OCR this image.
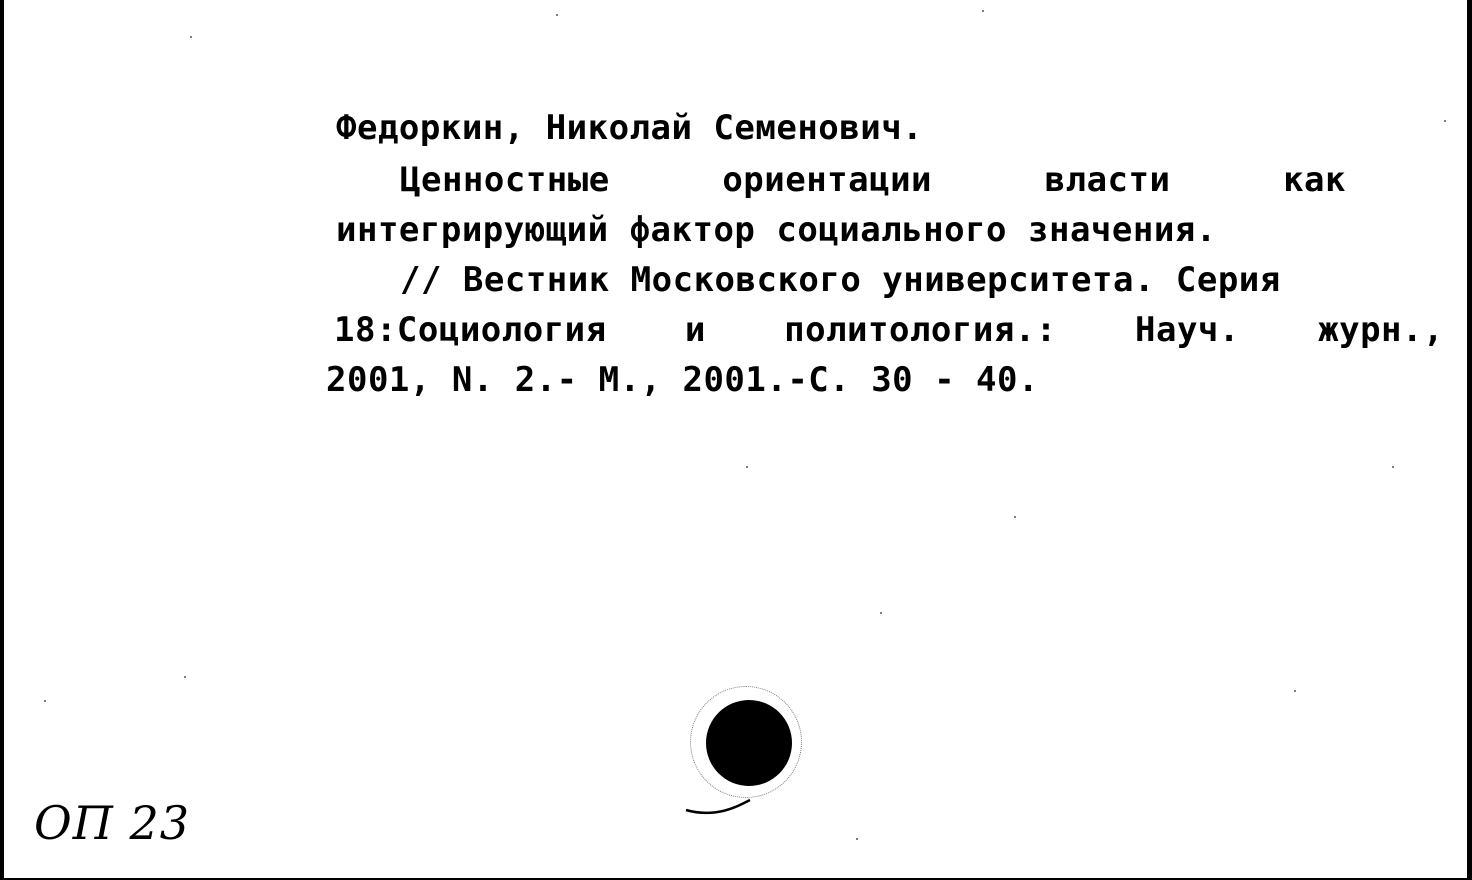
Федоркин, Николай Семенович.
Ценностные	ориентации	власти	как
интегрирующий фактор социального значения.
// Вестник Московского университета. Серия
18:Социология и политология.: Науч. журн.,
2001, N. 2.- М., 2001.-С. 30 - 40.
ОП 23
